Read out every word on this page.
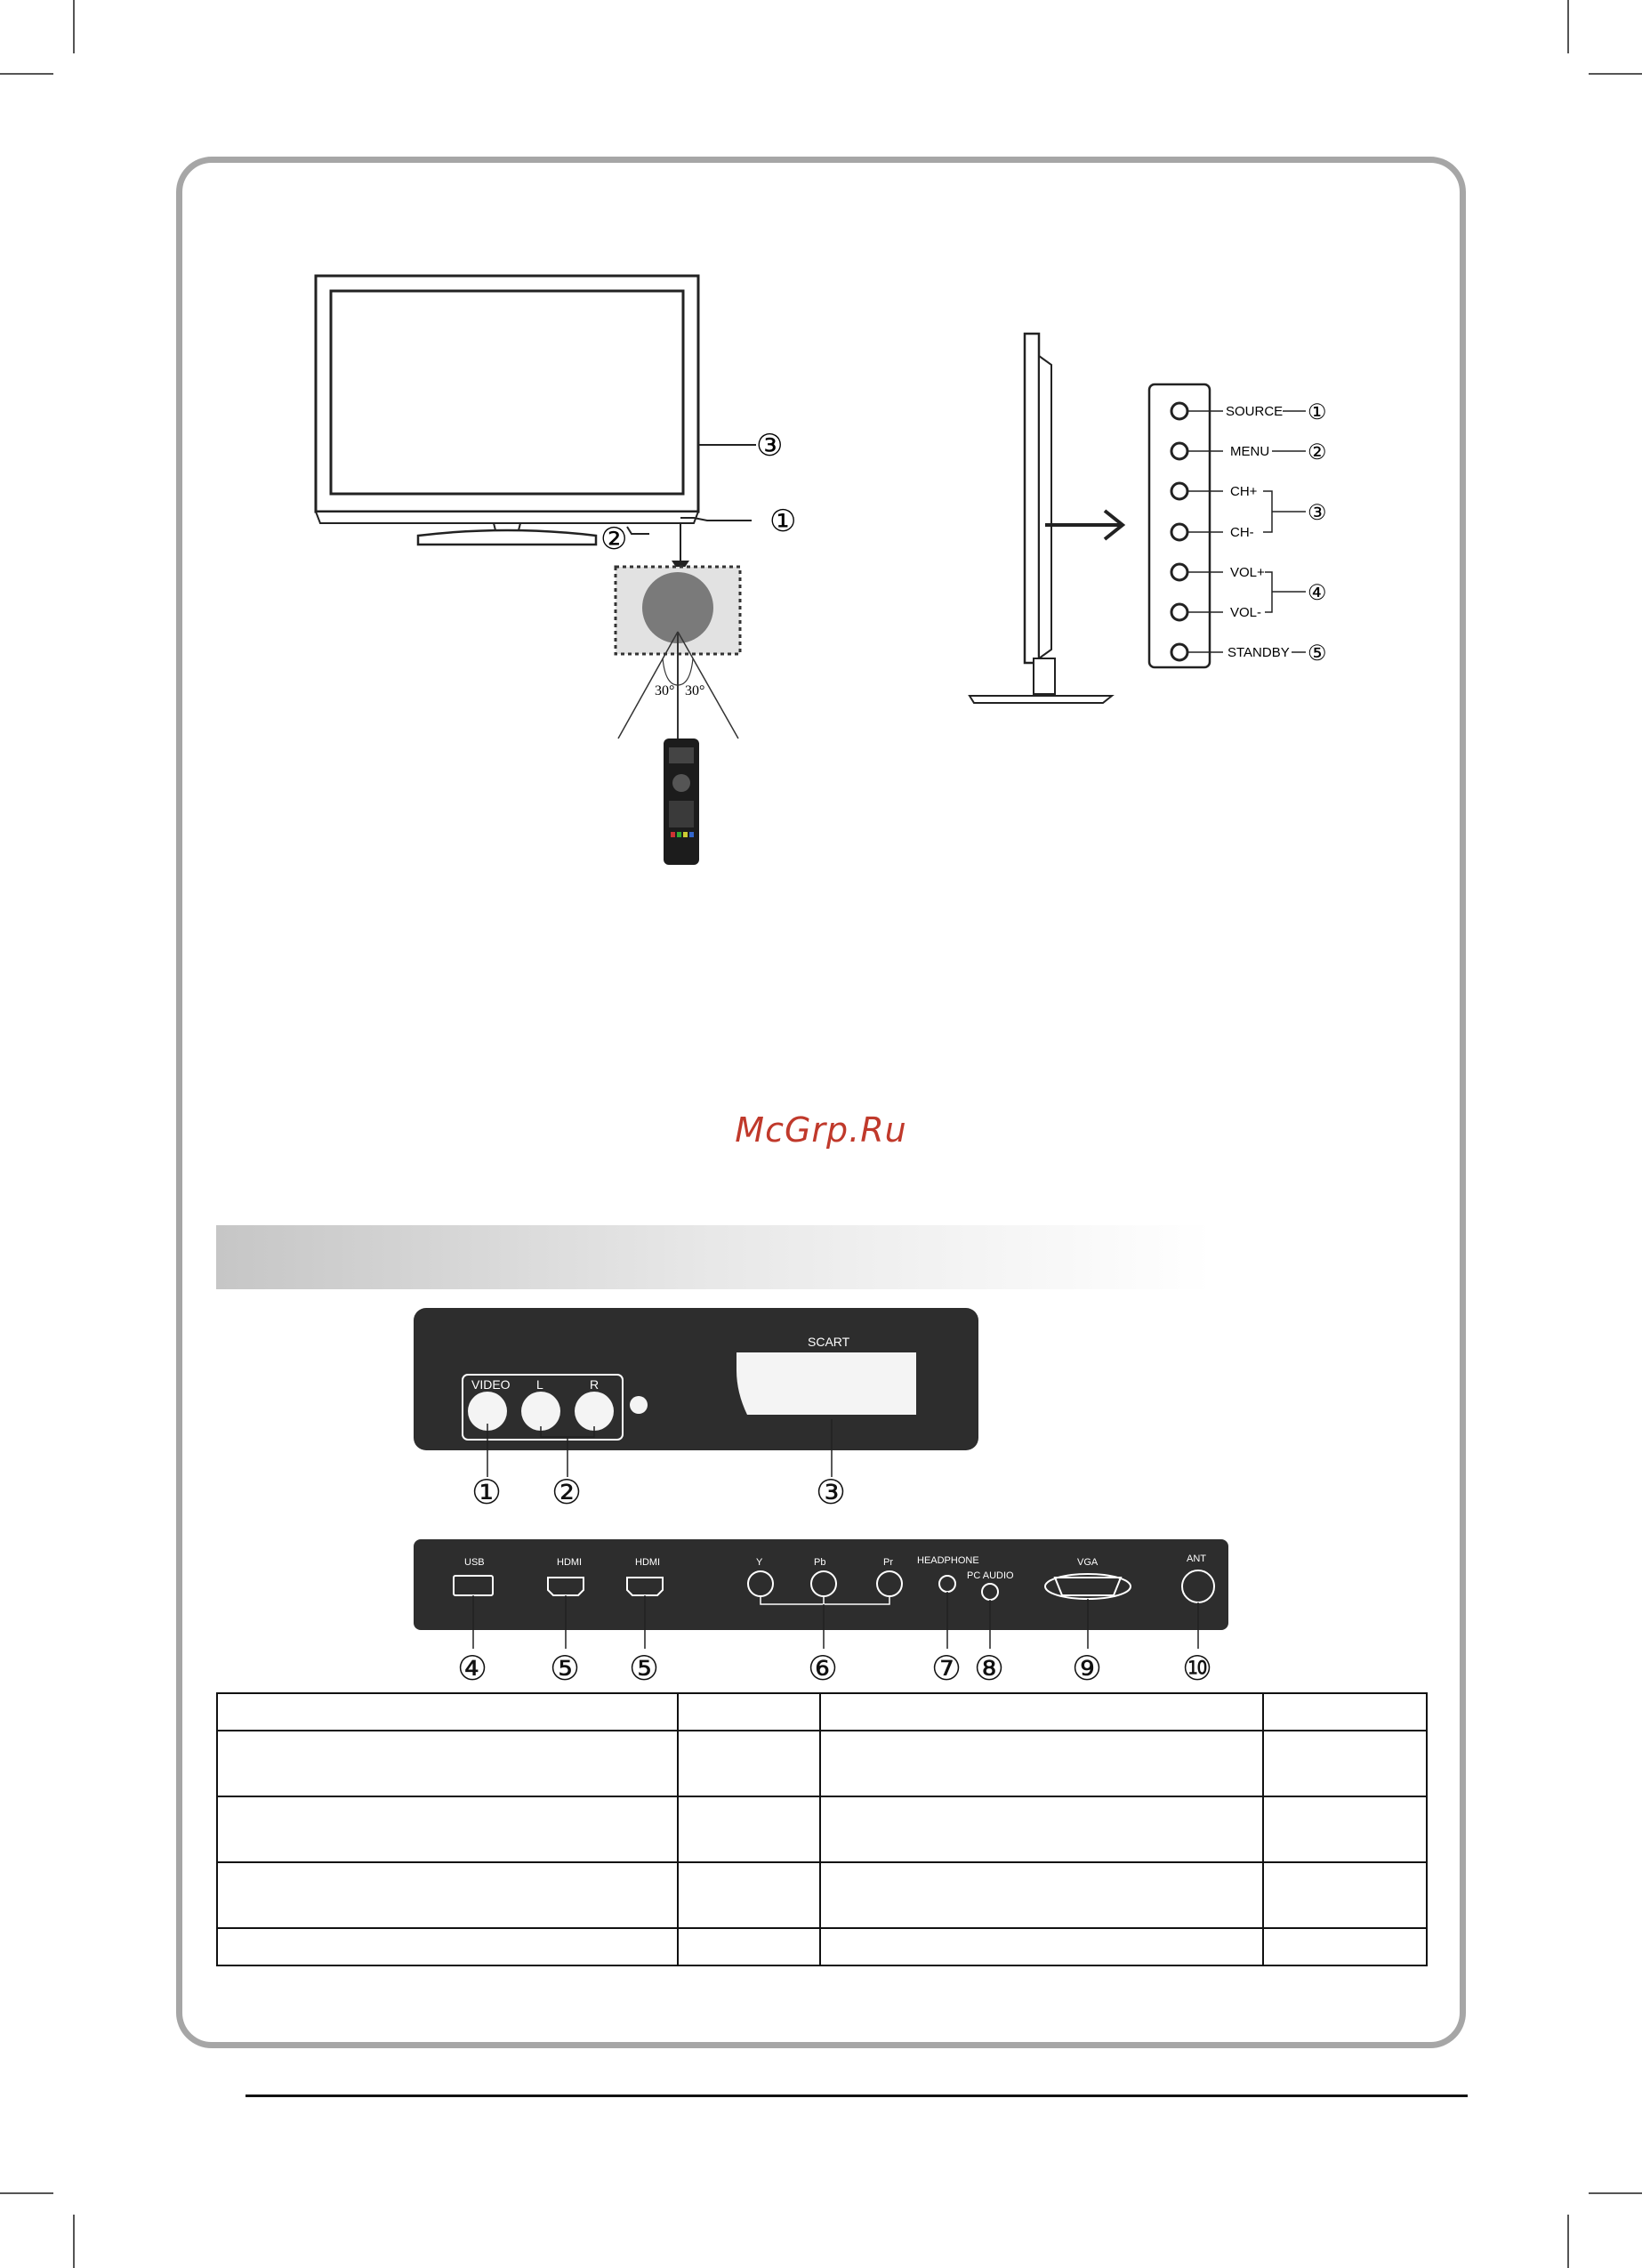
③
①
②
30° 30°
SOURCE
MENU
CH+
CH-
VOL+
VOL-
STANDBY
①
②
③
④
⑤
McGrp.Ru
VIDEO L	R
SCART
① ②	③
USB	HDMI	HDMI	Y	Pb	Pr HEADPHONE
PC AUDIO
VGA	ANT
④ ⑤ ⑤	⑥	⑦ ⑧ ⑨ ⑩
